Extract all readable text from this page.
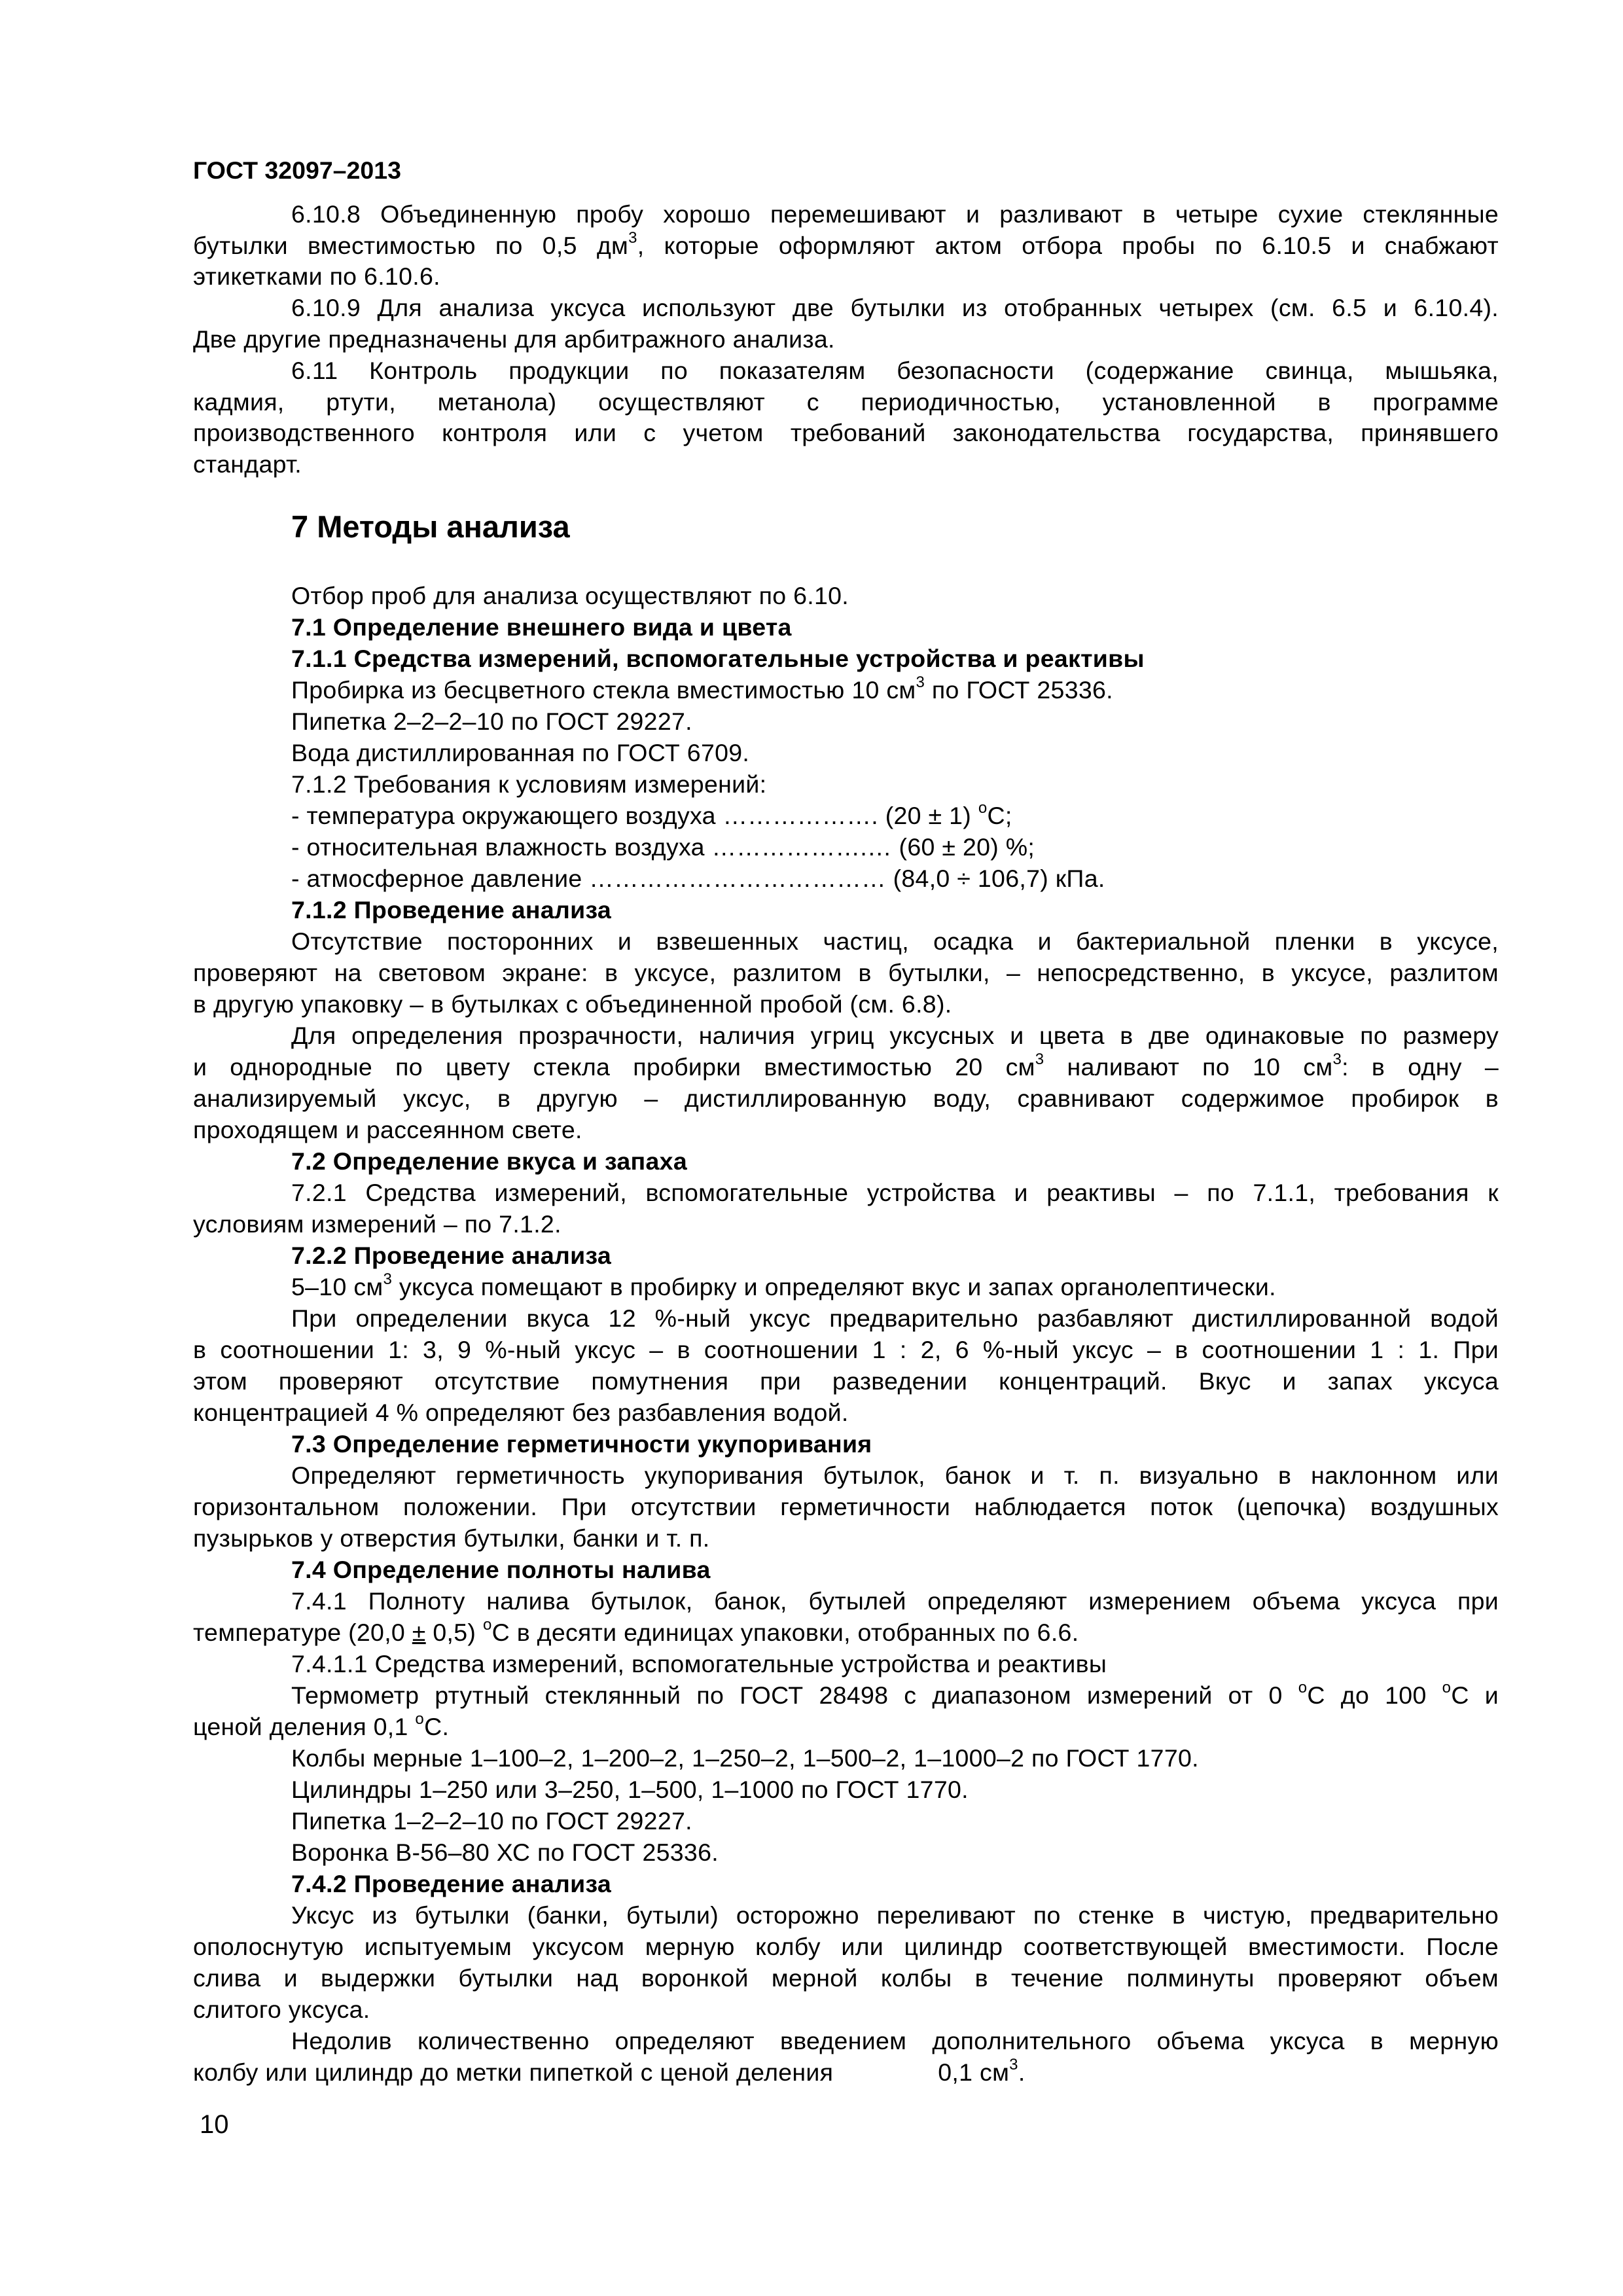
ГОСТ 32097–2013

6.10.8 Объединенную пробу хорошо перемешивают и разливают в четыре сухие стеклянные

бутылки вместимостью по 0,5 $дм^3$, которые оформляют актом отбора пробы по 6.10.5 и снабжают

этикетками по 6.10.6.

6.10.9 Для анализа уксуса используют две бутылки из отобранных четырех (см. 6.5 и 6.10.4).

Две другие предназначены для арбитражного анализа.

6.11 Контроль продукции по показателям безопасности (содержание свинца, мышьяка,

кадмия, ртути, метанола) осуществляют с периодичностью, установленной в программе

производственного контроля или с учетом требований законодательства государства, принявшего

стандарт.

7 Методы анализа

Отбор проб для анализа осуществляют по 6.10.

7.1 Определение внешнего вида и цвета

7.1.1 Средства измерений, вспомогательные устройства и реактивы

Пробирка из бесцветного стекла вместимостью 10 $см^3$ по ГОСТ 25336.

Пипетка 2–2–2–10 по ГОСТ 29227.

Вода дистиллированная по ГОСТ 6709.

7.1.2 Требования к условиям измерений:

- температура окружающего воздуха ………………. (20 ± 1) $^o$С;

- относительная влажность воздуха ……………….… (60 ± 20) %;

- атмосферное давление ……………………………… (84,0 ÷ 106,7) кПа.

7.1.2 Проведение анализа

Отсутствие посторонних и взвешенных частиц, осадка и бактериальной пленки в уксусе,

проверяют на световом экране: в уксусе, разлитом в бутылки, – непосредственно, в уксусе, разлитом

в другую упаковку – в бутылках с объединенной пробой (см. 6.8).

Для определения прозрачности, наличия угриц уксусных и цвета в две одинаковые по размеру

и однородные по цвету стекла пробирки вместимостью 20 $см^3$ наливают по 10 $см^3$: в одну –

анализируемый уксус, в другую – дистиллированную воду, сравнивают содержимое пробирок в

проходящем и рассеянном свете.

7.2 Определение вкуса и запаха

7.2.1 Средства измерений, вспомогательные устройства и реактивы – по 7.1.1, требования к

условиям измерений – по 7.1.2.

7.2.2 Проведение анализа

5–10 $см^3$ уксуса помещают в пробирку и определяют вкус и запах органолептически.

При определении вкуса 12 %-ный уксус предварительно разбавляют дистиллированной водой

в соотношении 1: 3, 9 %-ный уксус – в соотношении 1 : 2, 6 %-ный уксус – в соотношении 1 : 1. При

этом проверяют отсутствие помутнения при разведении концентраций. Вкус и запах уксуса

концентрацией 4 % определяют без разбавления водой.

7.3 Определение герметичности укупоривания

Определяют герметичность укупоривания бутылок, банок и т. п. визуально в наклонном или

горизонтальном положении. При отсутствии герметичности наблюдается поток (цепочка) воздушных

пузырьков у отверстия бутылки, банки и т. п.

7.4 Определение полноты налива

7.4.1 Полноту налива бутылок, банок, бутылей определяют измерением объема уксуса при

температуре (20,0 ± 0,5) $^o$С в десяти единицах упаковки, отобранных по 6.6.

7.4.1.1 Средства измерений, вспомогательные устройства и реактивы

Термометр ртутный стеклянный по ГОСТ 28498 с диапазоном измерений от 0 $^o$С до 100 $^o$С и

ценой деления 0,1 $^o$С.

Колбы мерные 1–100–2, 1–200–2, 1–250–2, 1–500–2, 1–1000–2 по ГОСТ 1770.

Цилиндры 1–250 или 3–250, 1–500, 1–1000 по ГОСТ 1770.

Пипетка 1–2–2–10 по ГОСТ 29227.

Воронка В-56–80 ХС по ГОСТ 25336.

7.4.2 Проведение анализа

Уксус из бутылки (банки, бутыли) осторожно переливают по стенке в чистую, предварительно

ополоснутую испытуемым уксусом мерную колбу или цилиндр соответствующей вместимости. После

слива и выдержки бутылки над воронкой мерной колбы в течение полминуты проверяют объем

слитого уксуса.

Недолив количественно определяют введением дополнительного объема уксуса в мерную

колбу или цилиндр до метки пипеткой с ценой деления	0,1 $см^3$.

10
